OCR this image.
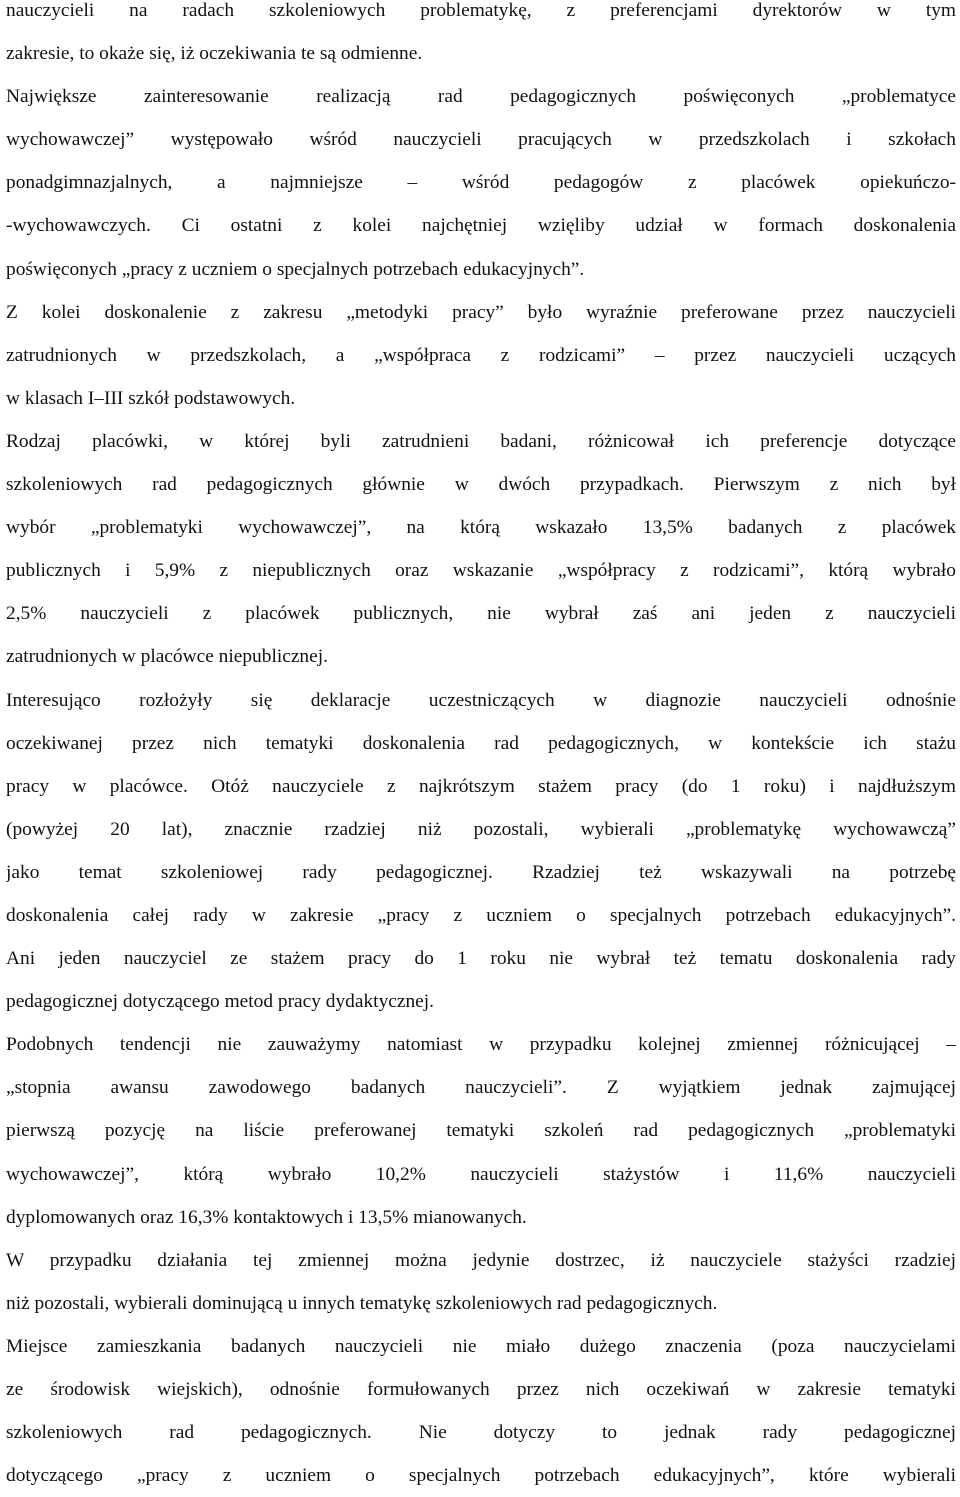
nauczycieli na radach szkoleniowych problematykę, z preferencjami dyrektorów w tym
zakresie, to okaże się, iż oczekiwania te są odmienne.
Największe zainteresowanie realizacją rad pedagogicznych poświęconych „problematyce
wychowawczej” występowało wśród nauczycieli pracujących w przedszkolach i szkołach
ponadgimnazjalnych, a najmniejsze – wśród pedagogów z placówek opiekuńczo-
-wychowawczych. Ci ostatni z kolei najchętniej wzięliby udział w formach doskonalenia
poświęconych „pracy z uczniem o specjalnych potrzebach edukacyjnych”.
Z kolei doskonalenie z zakresu „metodyki pracy” było wyraźnie preferowane przez nauczycieli
zatrudnionych w przedszkolach, a „współpraca z rodzicami” – przez nauczycieli uczących
w klasach I–III szkół podstawowych.
Rodzaj placówki, w której byli zatrudnieni badani, różnicował ich preferencje dotyczące
szkoleniowych rad pedagogicznych głównie w dwóch przypadkach. Pierwszym z nich był
wybór „problematyki wychowawczej”, na którą wskazało 13,5% badanych z placówek
publicznych i 5,9% z niepublicznych oraz wskazanie „współpracy z rodzicami”, którą wybrało
2,5% nauczycieli z placówek publicznych, nie wybrał zaś ani jeden z nauczycieli
zatrudnionych w placówce niepublicznej.
Interesująco rozłożyły się deklaracje uczestniczących w diagnozie nauczycieli odnośnie
oczekiwanej przez nich tematyki doskonalenia rad pedagogicznych, w kontekście ich stażu
pracy w placówce. Otóż nauczyciele z najkrótszym stażem pracy (do 1 roku) i najdłuższym
(powyżej 20 lat), znacznie rzadziej niż pozostali, wybierali „problematykę wychowawczą”
jako temat szkoleniowej rady pedagogicznej. Rzadziej też wskazywali na potrzebę
doskonalenia całej rady w zakresie „pracy z uczniem o specjalnych potrzebach edukacyjnych”.
Ani jeden nauczyciel ze stażem pracy do 1 roku nie wybrał też tematu doskonalenia rady
pedagogicznej dotyczącego metod pracy dydaktycznej.
Podobnych tendencji nie zauważymy natomiast w przypadku kolejnej zmiennej różnicującej –
„stopnia awansu zawodowego badanych nauczycieli”. Z wyjątkiem jednak zajmującej
pierwszą pozycję na liście preferowanej tematyki szkoleń rad pedagogicznych „problematyki
wychowawczej”, którą wybrało 10,2% nauczycieli stażystów i 11,6% nauczycieli
dyplomowanych oraz 16,3% kontaktowych i 13,5% mianowanych.
W przypadku działania tej zmiennej można jedynie dostrzec, iż nauczyciele stażyści rzadziej
niż pozostali, wybierali dominującą u innych tematykę szkoleniowych rad pedagogicznych.
Miejsce zamieszkania badanych nauczycieli nie miało dużego znaczenia (poza nauczycielami
ze środowisk wiejskich), odnośnie formułowanych przez nich oczekiwań w zakresie tematyki
szkoleniowych rad pedagogicznych. Nie dotyczy to jednak rady pedagogicznej
dotyczącego „pracy z uczniem o specjalnych potrzebach edukacyjnych”, które wybierali
